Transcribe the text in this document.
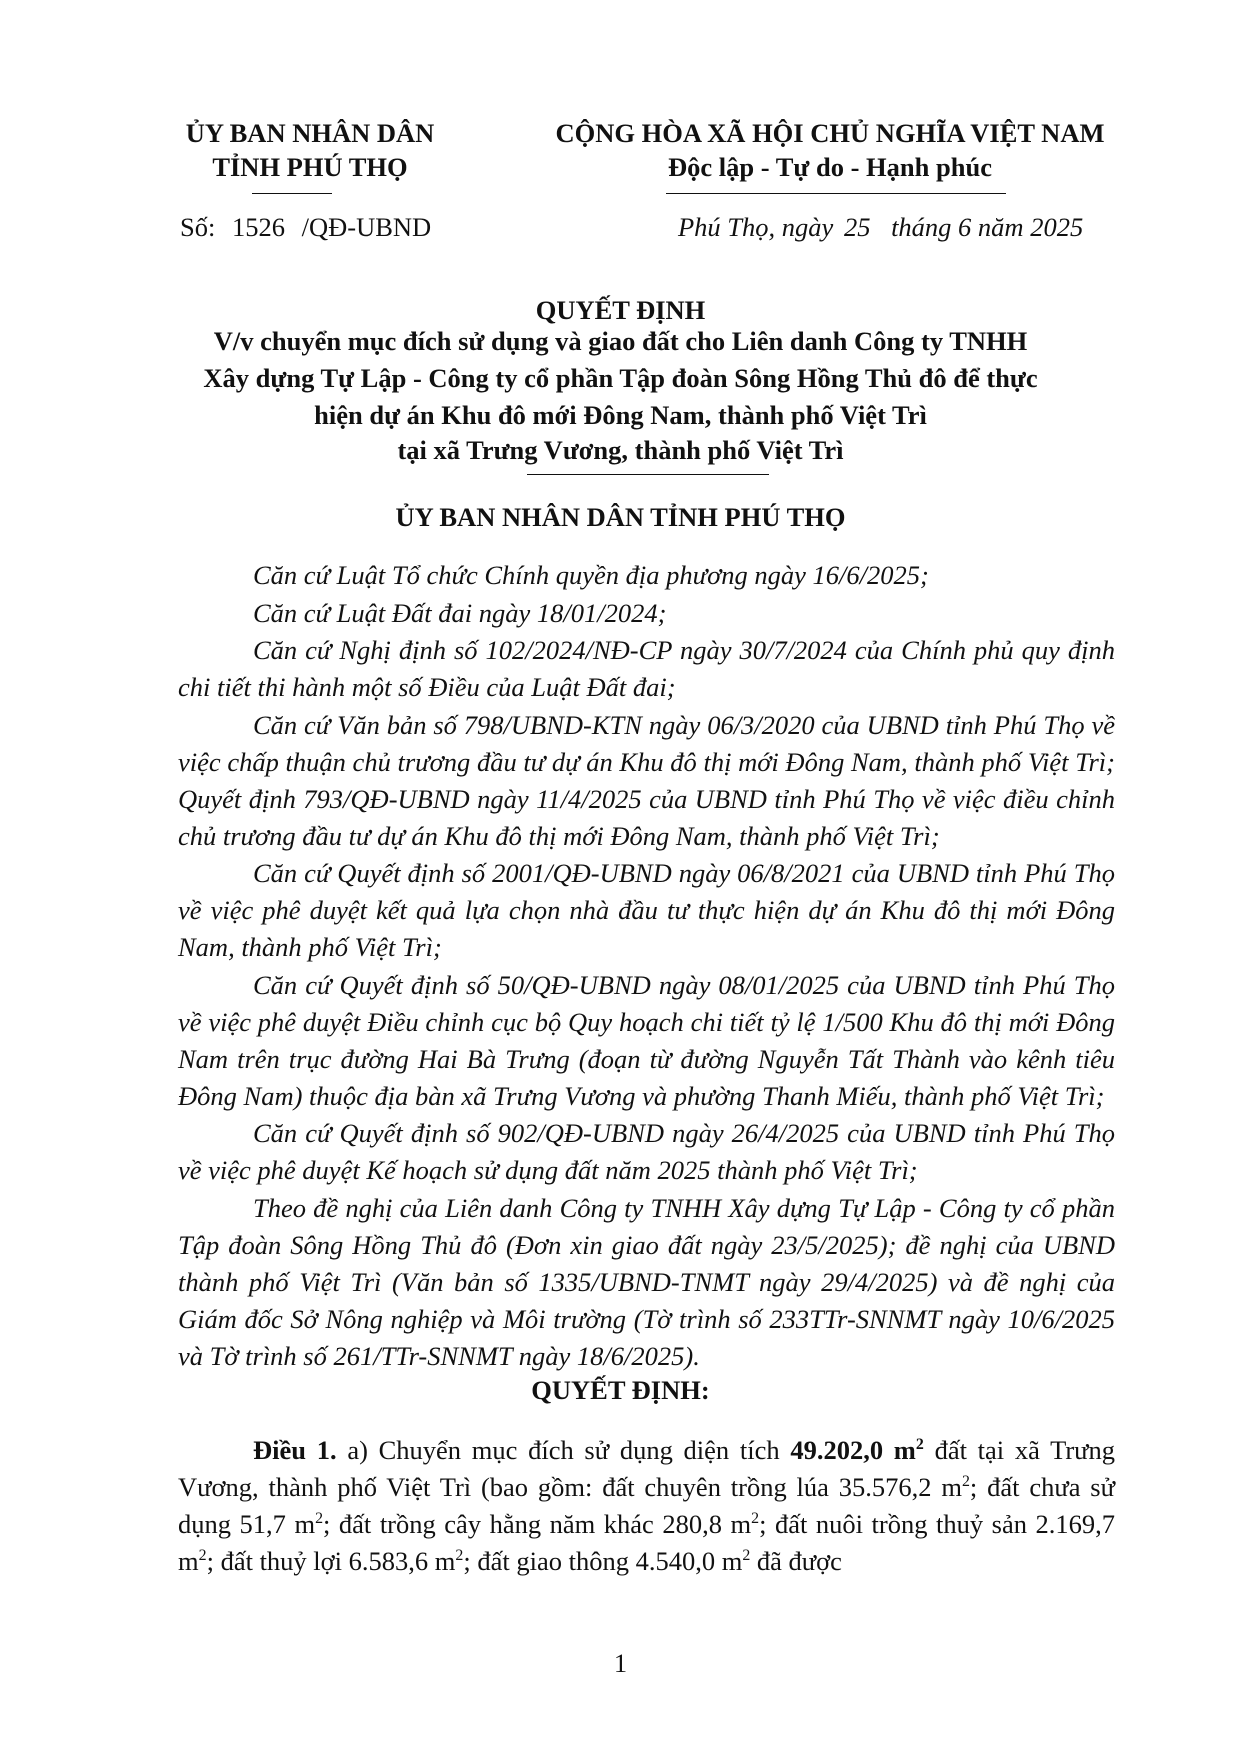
ỦY BAN NHÂN DÂN
TỈNH PHÚ THỌ
CỘNG HÒA XÃ HỘI CHỦ NGHĨA VIỆT NAM
Độc lập - Tự do - Hạnh phúc
Số: 1526 /QĐ-UBND	Phú Thọ, ngày 25 tháng 6 năm 2025
QUYẾT ĐỊNH
V/v chuyển mục đích sử dụng và giao đất cho Liên danh Công ty TNHH
Xây dựng Tự Lập - Công ty cổ phần Tập đoàn Sông Hồng Thủ đô để thực
hiện dự án Khu đô mới Đông Nam, thành phố Việt Trì
tại xã Trưng Vương, thành phố Việt Trì
ỦY BAN NHÂN DÂN TỈNH PHÚ THỌ

Căn cứ Luật Tổ chức Chính quyền địa phương ngày 16/6/2025;

Căn cứ Luật Đất đai ngày 18/01/2024;

Căn cứ Nghị định số 102/2024/NĐ-CP ngày 30/7/2024 của Chính phủ quy định chi tiết thi hành một số Điều của Luật Đất đai;

Căn cứ Văn bản số 798/UBND-KTN ngày 06/3/2020 của UBND tỉnh Phú Thọ về việc chấp thuận chủ trương đầu tư dự án Khu đô thị mới Đông Nam, thành phố Việt Trì; Quyết định 793/QĐ-UBND ngày 11/4/2025 của UBND tỉnh Phú Thọ về việc điều chỉnh chủ trương đầu tư dự án Khu đô thị mới Đông Nam, thành phố Việt Trì;

Căn cứ Quyết định số 2001/QĐ-UBND ngày 06/8/2021 của UBND tỉnh Phú Thọ về việc phê duyệt kết quả lựa chọn nhà đầu tư thực hiện dự án Khu đô thị mới Đông Nam, thành phố Việt Trì;

Căn cứ Quyết định số 50/QĐ-UBND ngày 08/01/2025 của UBND tỉnh Phú Thọ về việc phê duyệt Điều chỉnh cục bộ Quy hoạch chi tiết tỷ lệ 1/500 Khu đô thị mới Đông Nam trên trục đường Hai Bà Trưng (đoạn từ đường Nguyễn Tất Thành vào kênh tiêu Đông Nam) thuộc địa bàn xã Trưng Vương và phường Thanh Miếu, thành phố Việt Trì;

Căn cứ Quyết định số 902/QĐ-UBND ngày 26/4/2025 của UBND tỉnh Phú Thọ về việc phê duyệt Kế hoạch sử dụng đất năm 2025 thành phố Việt Trì;

Theo đề nghị của Liên danh Công ty TNHH Xây dựng Tự Lập - Công ty cổ phần Tập đoàn Sông Hồng Thủ đô (Đơn xin giao đất ngày 23/5/2025); đề nghị của UBND thành phố Việt Trì (Văn bản số 1335/UBND-TNMT ngày 29/4/2025) và đề nghị của Giám đốc Sở Nông nghiệp và Môi trường (Tờ trình số 233TTr-SNNMT ngày 10/6/2025 và Tờ trình số 261/TTr-SNNMT ngày 18/6/2025).

QUYẾT ĐỊNH:

Điều 1. a) Chuyển mục đích sử dụng diện tích 49.202,0 $m^2$ đất tại xã Trưng Vương, thành phố Việt Trì (bao gồm: đất chuyên trồng lúa 35.576,2 $m^2$; đất chưa sử dụng 51,7 $m^2$; đất trồng cây hằng năm khác 280,8 $m^2$; đất nuôi trồng thuỷ sản 2.169,7 $m^2$; đất thuỷ lợi 6.583,6 $m^2$; đất giao thông 4.540,0 $m^2$ đã được

1
